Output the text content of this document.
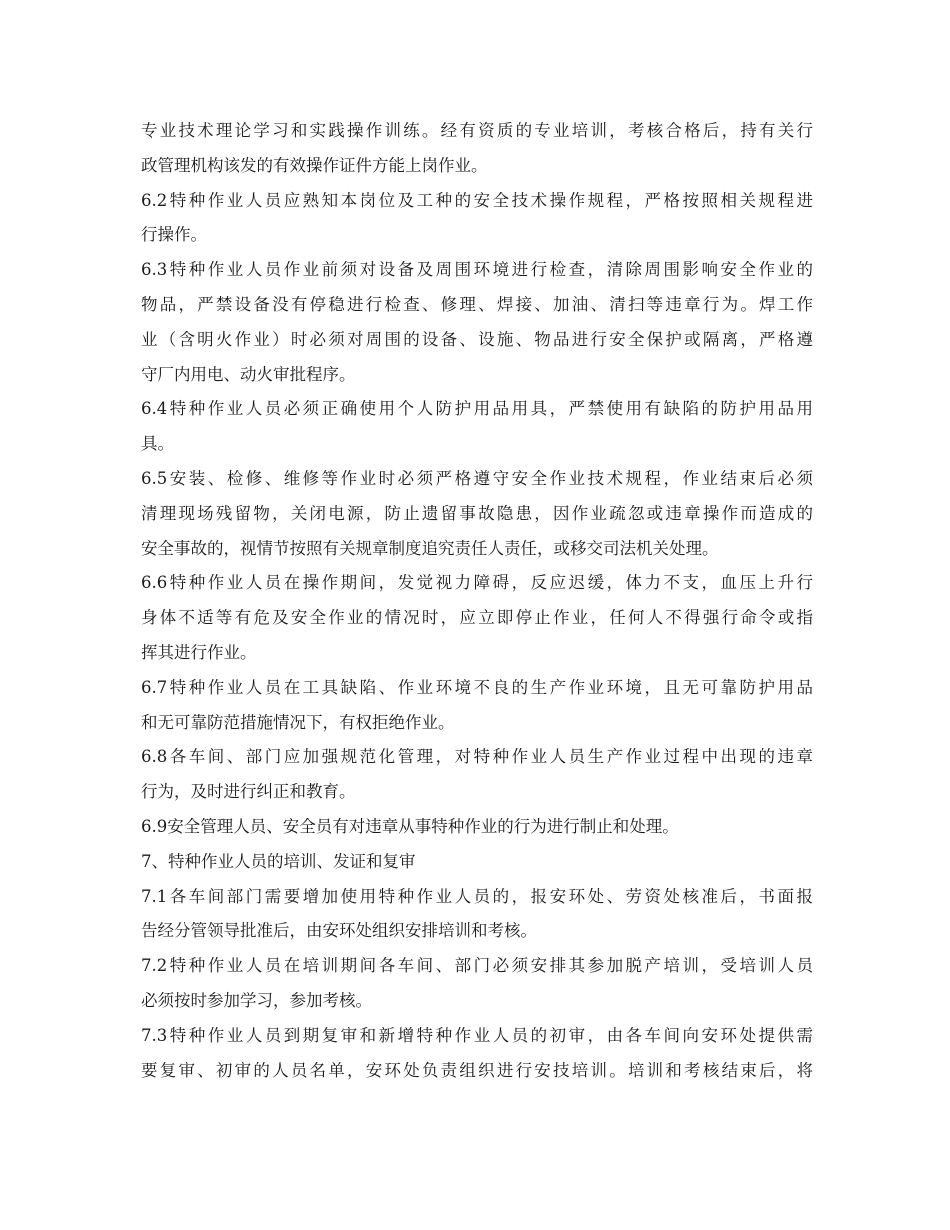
专业技术理论学习和实践操作训练。经有资质的专业培训，考核合格后，持有关行
政管理机构该发的有效操作证件方能上岗作业。
6.2特种作业人员应熟知本岗位及工种的安全技术操作规程，严格按照相关规程进
行操作。
6.3特种作业人员作业前须对设备及周围环境进行检查，清除周围影响安全作业的
物品，严禁设备没有停稳进行检查、修理、焊接、加油、清扫等违章行为。焊工作
业（含明火作业）时必须对周围的设备、设施、物品进行安全保护或隔离，严格遵
守厂内用电、动火审批程序。
6.4特种作业人员必须正确使用个人防护用品用具，严禁使用有缺陷的防护用品用
具。
6.5安装、检修、维修等作业时必须严格遵守安全作业技术规程，作业结束后必须
清理现场残留物，关闭电源，防止遗留事故隐患，因作业疏忽或违章操作而造成的
安全事故的，视情节按照有关规章制度追究责任人责任，或移交司法机关处理。
6.6特种作业人员在操作期间，发觉视力障碍，反应迟缓，体力不支，血压上升行
身体不适等有危及安全作业的情况时，应立即停止作业，任何人不得强行命令或指
挥其进行作业。
6.7特种作业人员在工具缺陷、作业环境不良的生产作业环境，且无可靠防护用品
和无可靠防范措施情况下，有权拒绝作业。
6.8各车间、部门应加强规范化管理，对特种作业人员生产作业过程中出现的违章
行为，及时进行纠正和教育。
6.9安全管理人员、安全员有对违章从事特种作业的行为进行制止和处理。
7、特种作业人员的培训、发证和复审
7.1各车间部门需要增加使用特种作业人员的，报安环处、劳资处核准后，书面报
告经分管领导批准后，由安环处组织安排培训和考核。
7.2特种作业人员在培训期间各车间、部门必须安排其参加脱产培训，受培训人员
必须按时参加学习，参加考核。
7.3特种作业人员到期复审和新增特种作业人员的初审，由各车间向安环处提供需
要复审、初审的人员名单，安环处负责组织进行安技培训。培训和考核结束后，将
